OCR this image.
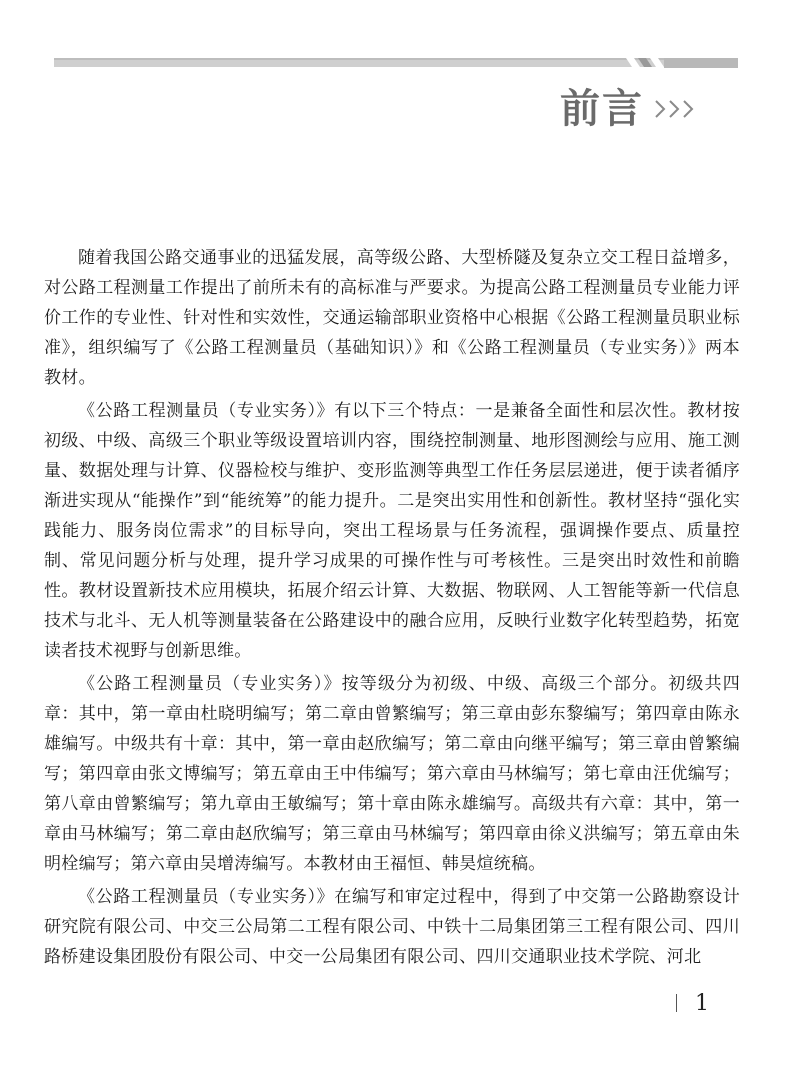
前言

随着我国公路交通事业的迅猛发展，高等级公路、大型桥隧及复杂立交工程日益增多，对公路工程测量工作提出了前所未有的高标准与严要求。为提高公路工程测量员专业能力评价工作的专业性、针对性和实效性，交通运输部职业资格中心根据《公路工程测量员职业标准》，组织编写了《公路工程测量员（基础知识）》和《公路工程测量员（专业实务）》两本教材。

《公路工程测量员（专业实务）》有以下三个特点：一是兼备全面性和层次性。教材按初级、中级、高级三个职业等级设置培训内容，围绕控制测量、地形图测绘与应用、施工测量、数据处理与计算、仪器检校与维护、变形监测等典型工作任务层层递进，便于读者循序渐进实现从“能操作”到“能统筹”的能力提升。二是突出实用性和创新性。教材坚持“强化实践能力、服务岗位需求”的目标导向，突出工程场景与任务流程，强调操作要点、质量控制、常见问题分析与处理，提升学习成果的可操作性与可考核性。三是突出时效性和前瞻性。教材设置新技术应用模块，拓展介绍云计算、大数据、物联网、人工智能等新一代信息技术与北斗、无人机等测量装备在公路建设中的融合应用，反映行业数字化转型趋势，拓宽读者技术视野与创新思维。

《公路工程测量员（专业实务）》按等级分为初级、中级、高级三个部分。初级共四章：其中，第一章由杜晓明编写；第二章由曾繁编写；第三章由彭东黎编写；第四章由陈永雄编写。中级共有十章：其中，第一章由赵欣编写；第二章由向继平编写；第三章由曾繁编写；第四章由张文博编写；第五章由王中伟编写；第六章由马林编写；第七章由汪优编写；第八章由曾繁编写；第九章由王敏编写；第十章由陈永雄编写。高级共有六章：其中，第一章由马林编写；第二章由赵欣编写；第三章由马林编写；第四章由徐义洪编写；第五章由朱明栓编写；第六章由吴增涛编写。本教材由王福恒、韩昊煊统稿。

《公路工程测量员（专业实务）》在编写和审定过程中，得到了中交第一公路勘察设计研究院有限公司、中交三公局第二工程有限公司、中铁十二局集团第三工程有限公司、四川路桥建设集团股份有限公司、中交一公局集团有限公司、四川交通职业技术学院、河北

1
